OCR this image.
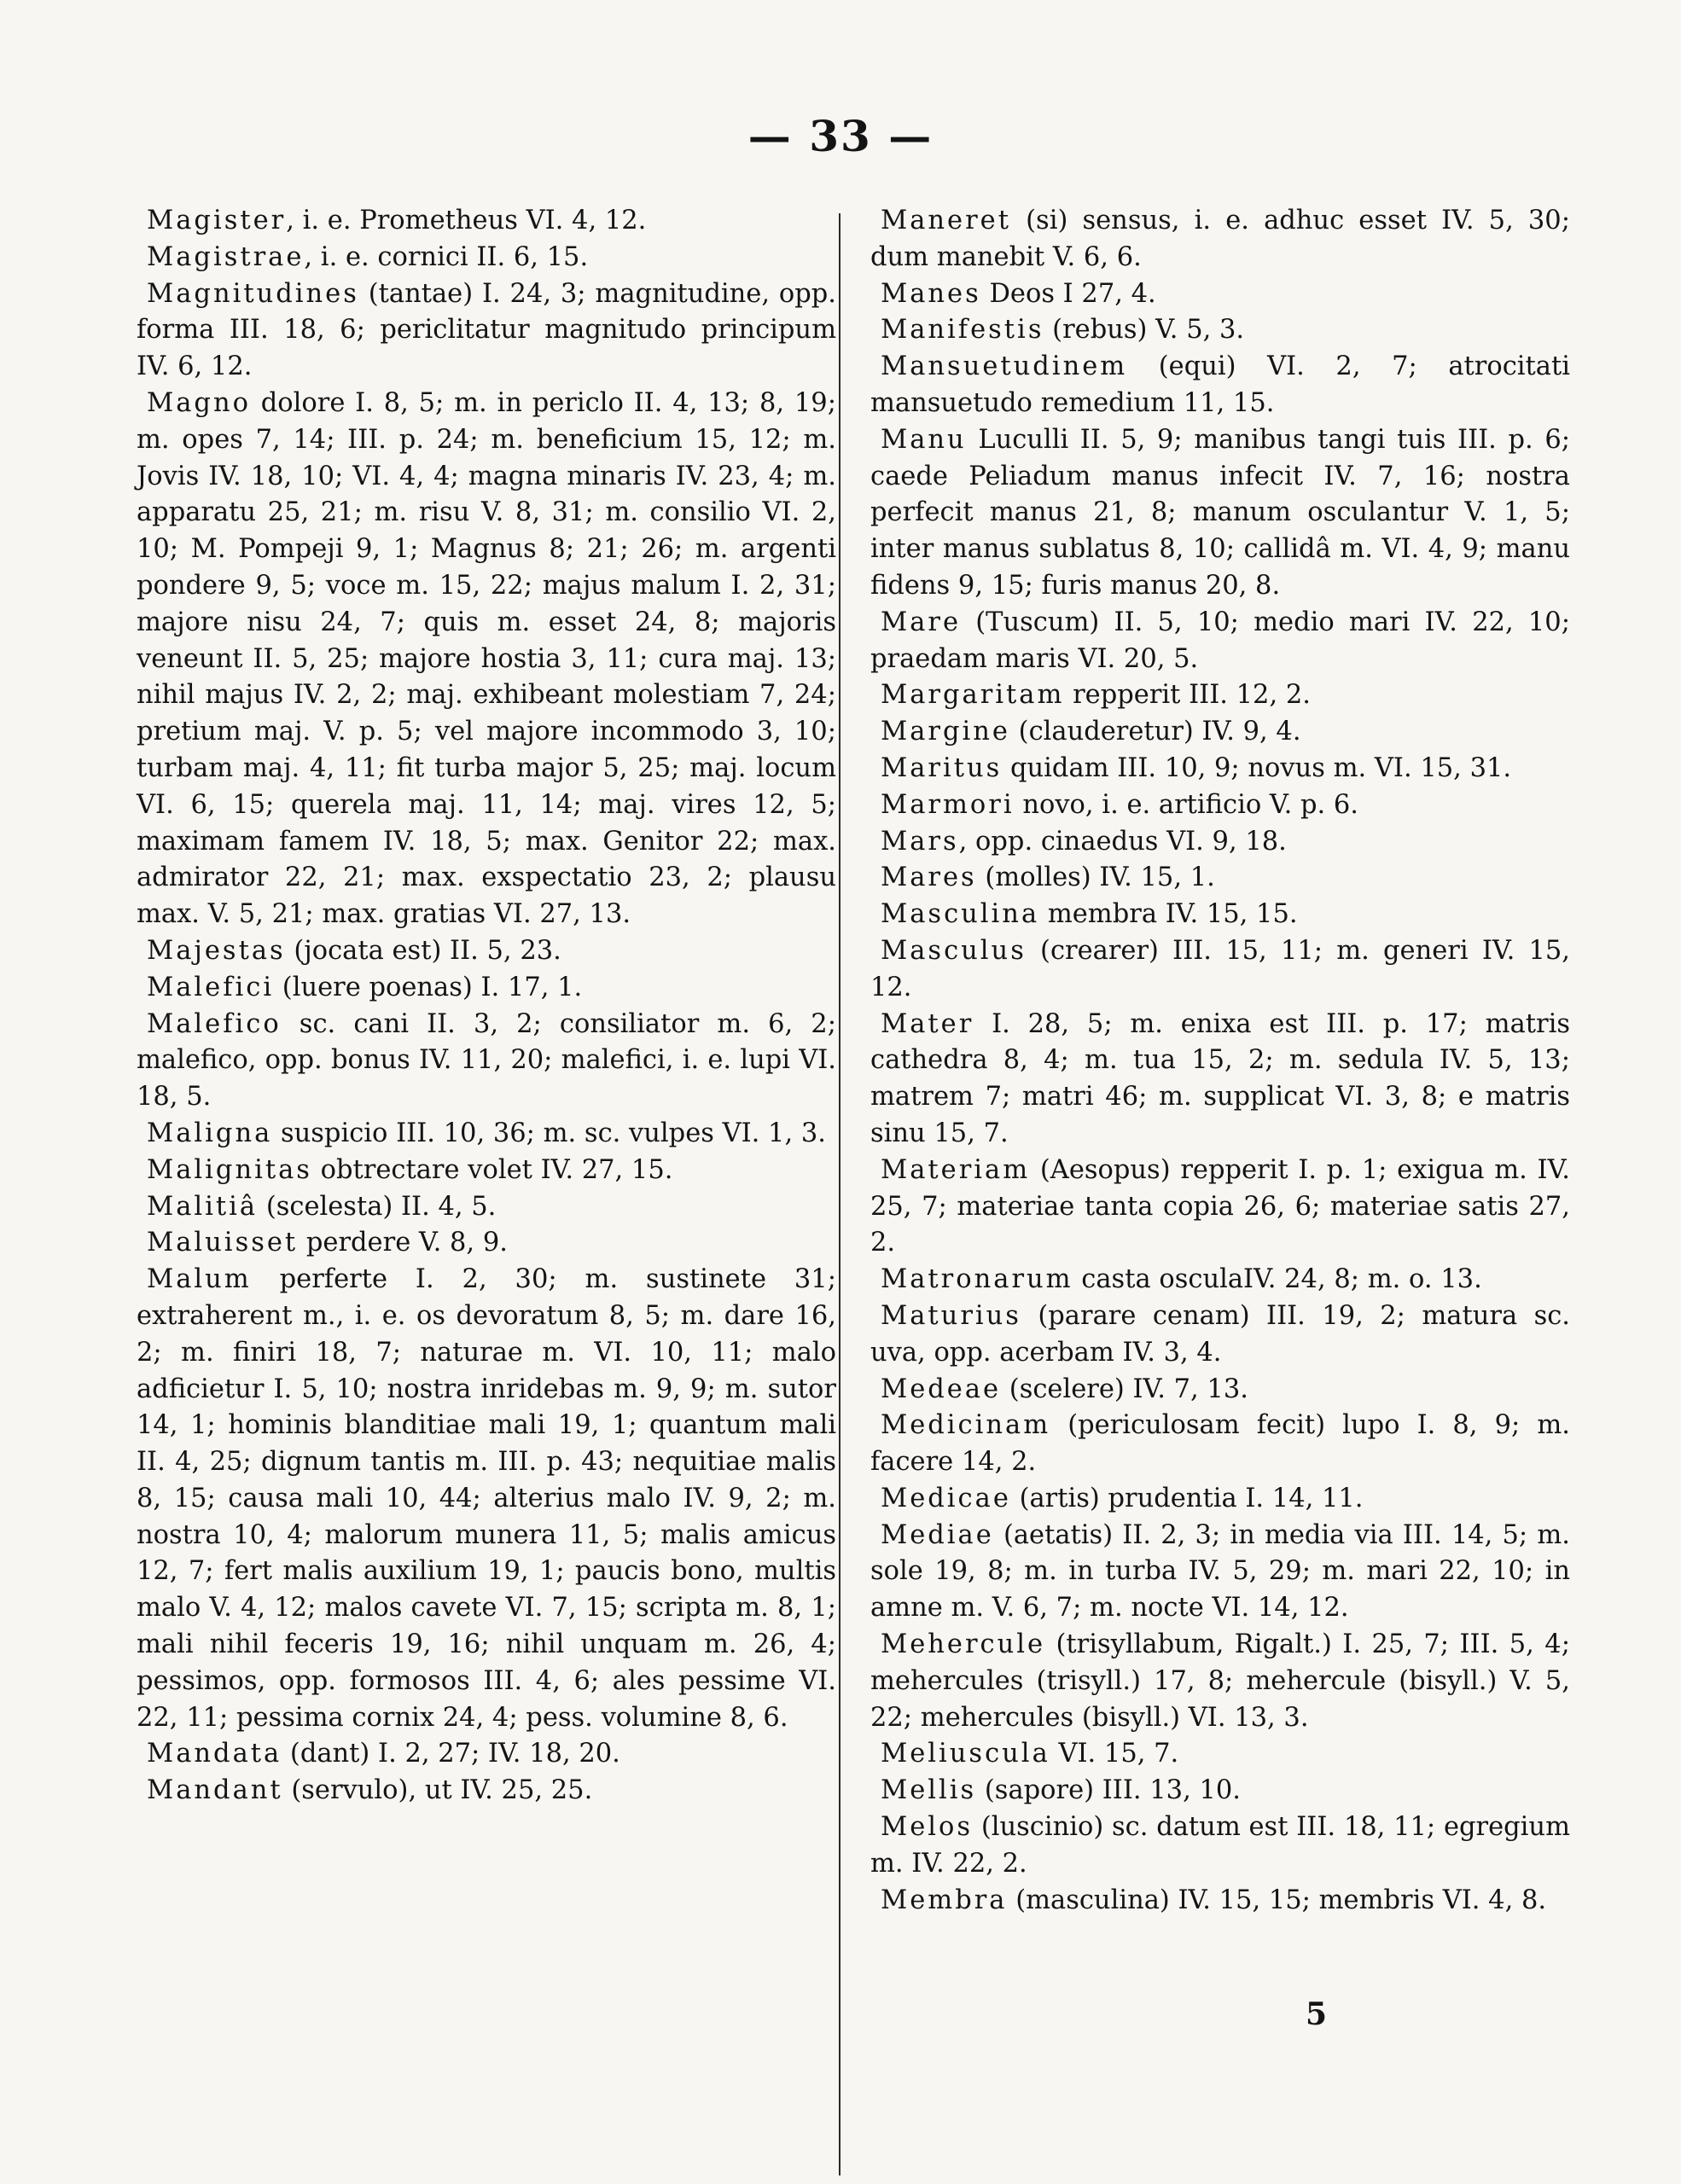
— 33 —

Magister, i. e. Prometheus VI. 4, 12.

Magistrae, i. e. cornici II. 6, 15.

Magnitudines (tantae) I. 24, 3; magnitudine, opp. forma III. 18, 6; periclitatur magnitudo principum IV. 6, 12.

Magno dolore I. 8, 5; m. in periclo II. 4, 13; 8, 19; m. opes 7, 14; III. p. 24; m. beneficium 15, 12; m. Jovis IV. 18, 10; VI. 4, 4; magna minaris IV. 23, 4; m. apparatu 25, 21; m. risu V. 8, 31; m. consilio VI. 2, 10; M. Pompeji 9, 1; Magnus 8; 21; 26; m. argenti pondere 9, 5; voce m. 15, 22; majus malum I. 2, 31; majore nisu 24, 7; quis m. esset 24, 8; majoris veneunt II. 5, 25; majore hostia 3, 11; cura maj. 13; nihil majus IV. 2, 2; maj. exhibeant molestiam 7, 24; pretium maj. V. p. 5; vel majore incommodo 3, 10; turbam maj. 4, 11; fit turba major 5, 25; maj. locum VI. 6, 15; querela maj. 11, 14; maj. vires 12, 5; maximam famem IV. 18, 5; max. Genitor 22; max. admirator 22, 21; max. exspectatio 23, 2; plausu max. V. 5, 21; max. gratias VI. 27, 13.

Majestas (jocata est) II. 5, 23.

Malefici (luere poenas) I. 17, 1.

Malefico sc. cani II. 3, 2; consiliator m. 6, 2; malefico, opp. bonus IV. 11, 20; malefici, i. e. lupi VI. 18, 5.

Maligna suspicio III. 10, 36; m. sc. vulpes VI. 1, 3.

Malignitas obtrectare volet IV. 27, 15.

Malitiâ (scelesta) II. 4, 5.

Maluisset perdere V. 8, 9.

Malum perferte I. 2, 30; m. sustinete 31; extraherent m., i. e. os devoratum 8, 5; m. dare 16, 2; m. finiri 18, 7; naturae m. VI. 10, 11; malo adficietur I. 5, 10; nostra inridebas m. 9, 9; m. sutor 14, 1; hominis blanditiae mali 19, 1; quantum mali II. 4, 25; dignum tantis m. III. p. 43; nequitiae malis 8, 15; causa mali 10, 44; alterius malo IV. 9, 2; m. nostra 10, 4; malorum munera 11, 5; malis amicus 12, 7; fert malis auxilium 19, 1; paucis bono, multis malo V. 4, 12; malos cavete VI. 7, 15; scripta m. 8, 1; mali nihil feceris 19, 16; nihil unquam m. 26, 4; pessimos, opp. formosos III. 4, 6; ales pessime VI. 22, 11; pessima cornix 24, 4; pess. volumine 8, 6.

Mandata (dant) I. 2, 27; IV. 18, 20.

Mandant (servulo), ut IV. 25, 25.

Maneret (si) sensus, i. e. adhuc esset IV. 5, 30; dum manebit V. 6, 6.

Manes Deos I 27, 4.

Manifestis (rebus) V. 5, 3.

Mansuetudinem (equi) VI. 2, 7; atrocitati mansuetudo remedium 11, 15.

Manu Luculli II. 5, 9; manibus tangi tuis III. p. 6; caede Peliadum manus infecit IV. 7, 16; nostra perfecit manus 21, 8; manum osculantur V. 1, 5; inter manus sublatus 8, 10; callidâ m. VI. 4, 9; manu fidens 9, 15; furis manus 20, 8.

Mare (Tuscum) II. 5, 10; medio mari IV. 22, 10; praedam maris VI. 20, 5.

Margaritam repperit III. 12, 2.

Margine (clauderetur) IV. 9, 4.

Maritus quidam III. 10, 9; novus m. VI. 15, 31.

Marmori novo, i. e. artificio V. p. 6.

Mars, opp. cinaedus VI. 9, 18.

Mares (molles) IV. 15, 1.

Masculina membra IV. 15, 15.

Masculus (crearer) III. 15, 11; m. generi IV. 15, 12.

Mater I. 28, 5; m. enixa est III. p. 17; matris cathedra 8, 4; m. tua 15, 2; m. sedula IV. 5, 13; matrem 7; matri 46; m. supplicat VI. 3, 8; e matris sinu 15, 7.

Materiam (Aesopus) repperit I. p. 1; exigua m. IV. 25, 7; materiae tanta copia 26, 6; materiae satis 27, 2.

Matronarum casta osculaIV. 24, 8; m. o. 13.

Maturius (parare cenam) III. 19, 2; matura sc. uva, opp. acerbam IV. 3, 4.

Medeae (scelere) IV. 7, 13.

Medicinam (periculosam fecit) lupo I. 8, 9; m. facere 14, 2.

Medicae (artis) prudentia I. 14, 11.

Mediae (aetatis) II. 2, 3; in media via III. 14, 5; m. sole 19, 8; m. in turba IV. 5, 29; m. mari 22, 10; in amne m. V. 6, 7; m. nocte VI. 14, 12.

Mehercule (trisyllabum, Rigalt.) I. 25, 7; III. 5, 4; mehercules (trisyll.) 17, 8; mehercule (bisyll.) V. 5, 22; mehercules (bisyll.) VI. 13, 3.

Meliuscula VI. 15, 7.

Mellis (sapore) III. 13, 10.

Melos (luscinio) sc. datum est III. 18, 11; egregium m. IV. 22, 2.

Membra (masculina) IV. 15, 15; membris VI. 4, 8.

5
